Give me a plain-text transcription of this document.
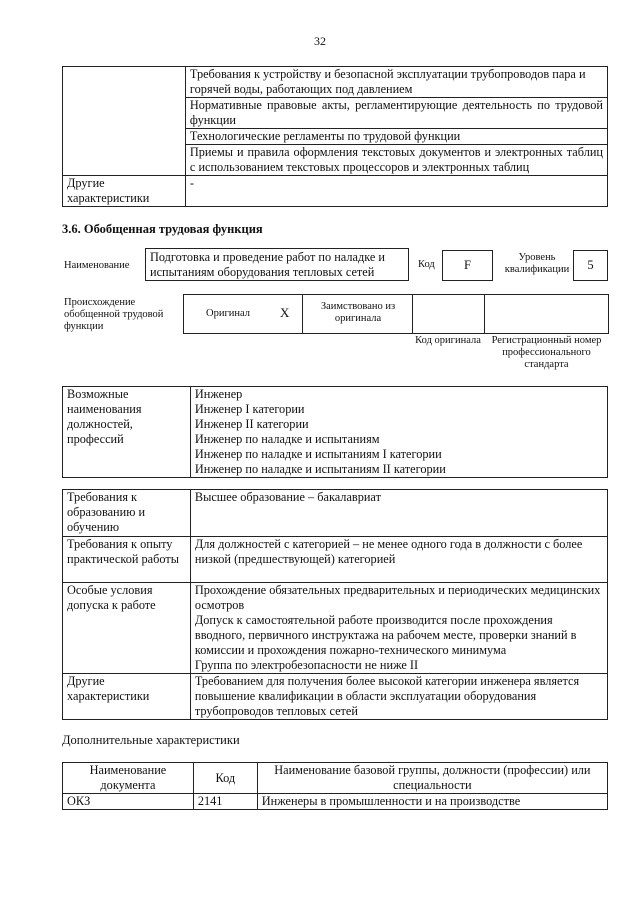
32
	Требования к устройству и безопасной эксплуатации трубопроводов пара и горячей воды, работающих под давлением
	Нормативные правовые акты, регламентирующие деятельность по трудовой функции
	Технологические регламенты по трудовой функции
	Приемы и правила оформления текстовых документов и электронных таблиц с использованием текстовых процессоров и электронных таблиц
Другие характеристики	-
3.6. Обобщенная трудовая функция
Наименование
Подготовка и проведение работ по наладке и испытаниям оборудования тепловых сетей
Код	F
Уровень квалификации	5
Происхождение обобщенной трудовой функции
Оригинал X	Заимствовано из оригинала
Код оригинала	Регистрационный номер профессионального стандарта
Возможные наименования должностей, профессий	
Инженер
Инженер I категории
Инженер II категории
Инженер по наладке и испытаниям
Инженер по наладке и испытаниям I категории
Инженер по наладке и испытаниям II категории
Требования к образованию и обучению	Высшее образование – бакалавриат
Требования к опыту практической работы	Для должностей с категорией – не менее одного года в должности с более низкой (предшествующей) категорией
Особые условия допуска к работе	Прохождение обязательных предварительных и периодических медицинских осмотров
Допуск к самостоятельной работе производится после прохождения вводного, первичного инструктажа на рабочем месте, проверки знаний в комиссии и прохождения пожарно-технического минимума
Группа по электробезопасности не ниже II

Другие характеристики	Требованием для получения более высокой категории инженера является повышение квалификации в области эксплуатации оборудования трубопроводов тепловых сетей
Дополнительные характеристики
Наименование документа	Код	Наименование базовой группы, должности (профессии) или специальности
ОКЗ	2141	Инженеры в промышленности и на производстве
